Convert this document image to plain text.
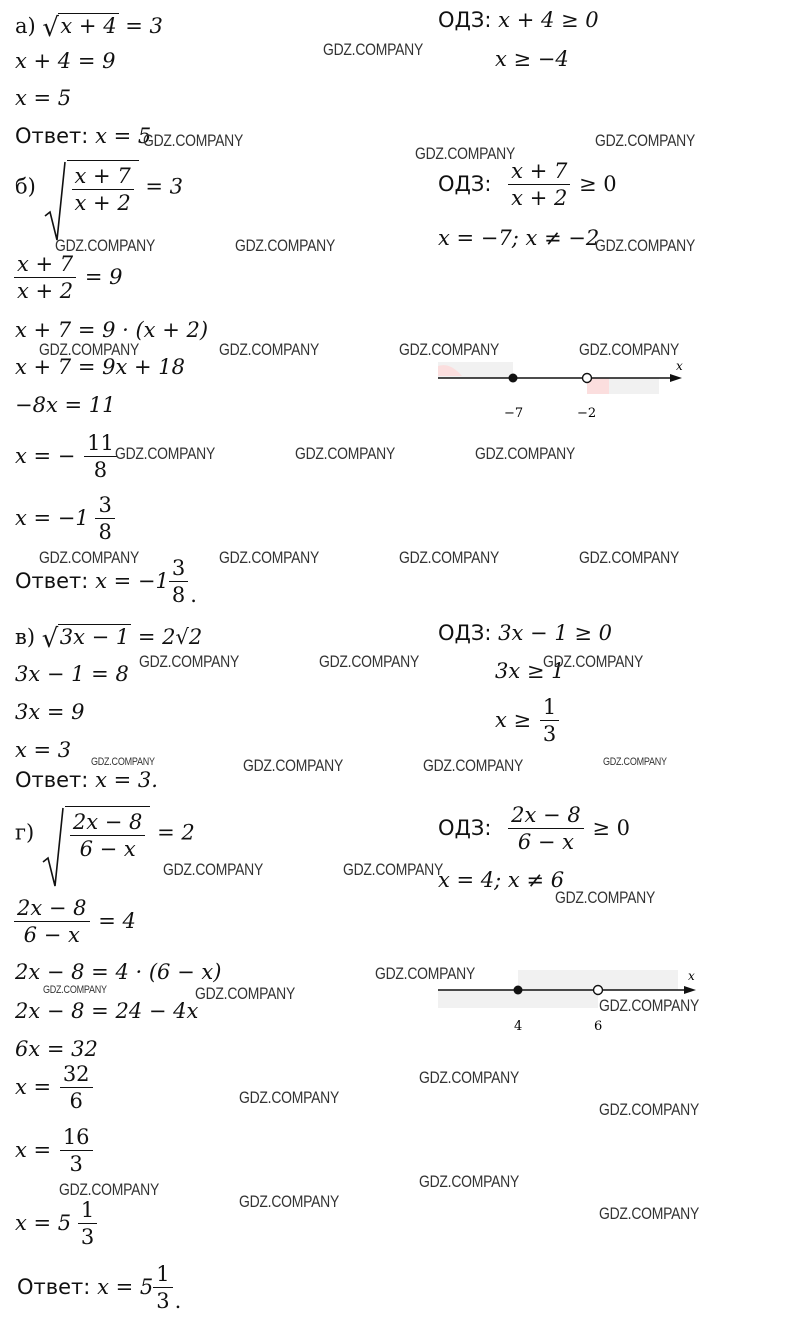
а) √ x + 4 = 3
x + 4 = 9
x = 5
Ответ: x = 5
ОДЗ: x + 4 ≥ 0
x ≥ −4
$б) \frac{x + 7}{x + 2} = 3$
$\frac{x + 7}{x + 2} = 9$
x + 7 = 9 · (x + 2)
x + 7 = 9x + 18
−8x = 11
x = − $\frac{11}{8}$
$x = -1 \frac{3}{8}$
Ответ: $x = -1 \frac{3}{8}$ .
ОДЗ: $\frac{x + 7}{x + 2} \ge 0$
x = −7; x ≠ −2
x
−7	−2
в) √ 3x − 1 = 2√2
3x − 1 = 8
3x = 9
x = 3
Ответ: x = 3.
ОДЗ: 3x − 1 ≥ 0
3x ≥ 1
$x \ge \frac{1}{3}$
$г) \frac{2x - 8}{6 - x} = 2$
$\frac{2x - 8}{6 - x} = 4$
2x − 8 = 4 · (6 − x)
2x − 8 = 24 − 4x
6x = 32
$x = \frac{32}{6}$
$x = \frac{16}{3}$
$x = 5 \frac{1}{3}$
Ответ: $x = 5 \frac{1}{3}$ .
ОДЗ: $\frac{2x - 8}{6 - x} \ge 0$
x = 4; x ≠ 6
x
4	6
GDZ.COMPANY
GDZ.COMPANY
GDZ.COMPANY
GDZ.COMPANY
GDZ.COMPANY	GDZ.COMPANY	GDZ.COMPANY
GDZ.COMPANY	GDZ.COMPANY	GDZ.COMPANY	GDZ.COMPANY
GDZ.COMPANY	GDZ.COMPANY	GDZ.COMPANY
GDZ.COMPANY	GDZ.COMPANY	GDZ.COMPANY	GDZ.COMPANY
GDZ.COMPANY	GDZ.COMPANY	GDZ.COMPANY
GDZ.COMPANY	GDZ.COMPANY	GDZ.COMPANY	GDZ.COMPANY
GDZ.COMPANY	GDZ.COMPANY
GDZ.COMPANY
GDZ.COMPANY
GDZ.COMPANY	GDZ.COMPANY
GDZ.COMPANY
GDZ.COMPANY
GDZ.COMPANY
GDZ.COMPANY
GDZ.COMPANY	GDZ.COMPANY
GDZ.COMPANY
GDZ.COMPANY
